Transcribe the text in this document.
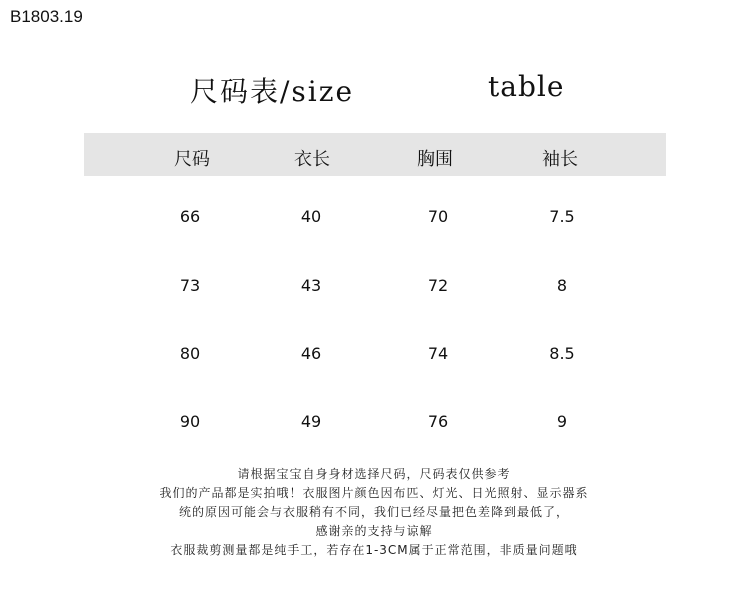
B1803.19
尺码表/size	table
尺码	衣长	胸围	袖长
66	40	70	7.5
73	43	72	8
80	46	74	8.5
90	49	76	9
请根据宝宝自身身材选择尺码，尺码表仅供参考
我们的产品都是实拍哦！衣服图片颜色因布匹、灯光、日光照射、显示器系
统的原因可能会与衣服稍有不同，我们已经尽量把色差降到最低了，
感谢亲的支持与谅解
衣服裁剪测量都是纯手工，若存在1-3CM属于正常范围，非质量问题哦
